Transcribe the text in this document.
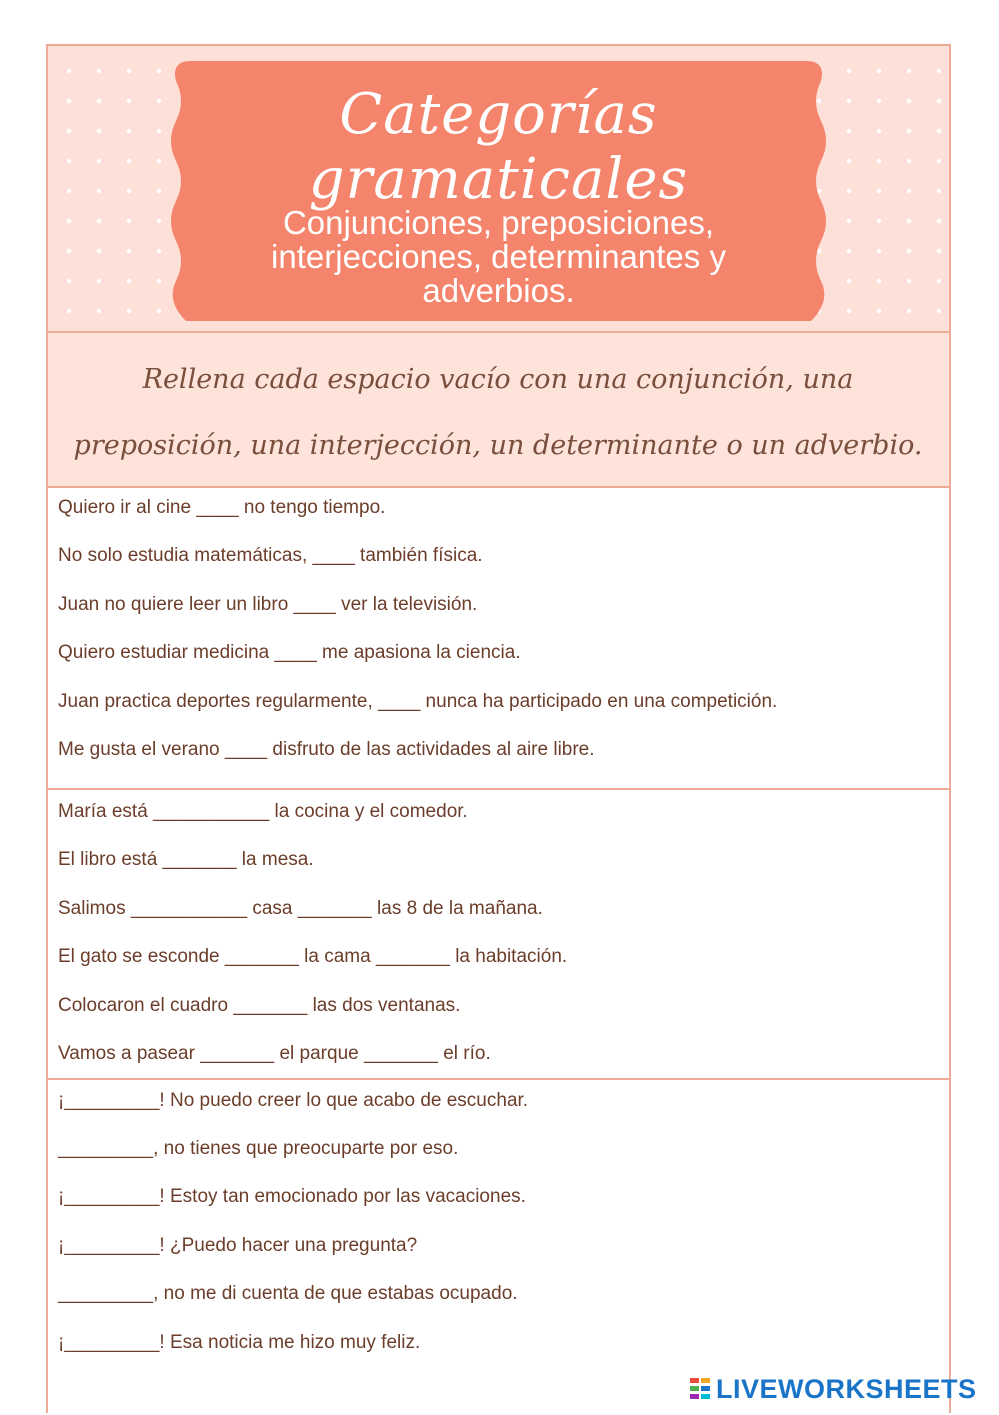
Categorías gramaticales
Conjunciones, preposiciones,
interjecciones, determinantes y
adverbios.
Rellena cada espacio vacío con una conjunción, una
preposición, una interjección, un determinante o un adverbio.
Quiero ir al cine ____ no tengo tiempo.
No solo estudia matemáticas, ____ también física.
Juan no quiere leer un libro ____ ver la televisión.
Quiero estudiar medicina ____ me apasiona la ciencia.
Juan practica deportes regularmente, ____ nunca ha participado en una competición.
Me gusta el verano ____ disfruto de las actividades al aire libre.
María está ___________ la cocina y el comedor.
El libro está _______ la mesa.
Salimos ___________ casa _______ las 8 de la mañana.
El gato se esconde _______ la cama _______ la habitación.
Colocaron el cuadro _______ las dos ventanas.
Vamos a pasear _______ el parque _______ el río.
¡_________! No puedo creer lo que acabo de escuchar.
_________, no tienes que preocuparte por eso.
¡_________! Estoy tan emocionado por las vacaciones.
¡_________! ¿Puedo hacer una pregunta?
_________, no me di cuenta de que estabas ocupado.
¡_________! Esa noticia me hizo muy feliz.
LIVEWORKSHEETS
